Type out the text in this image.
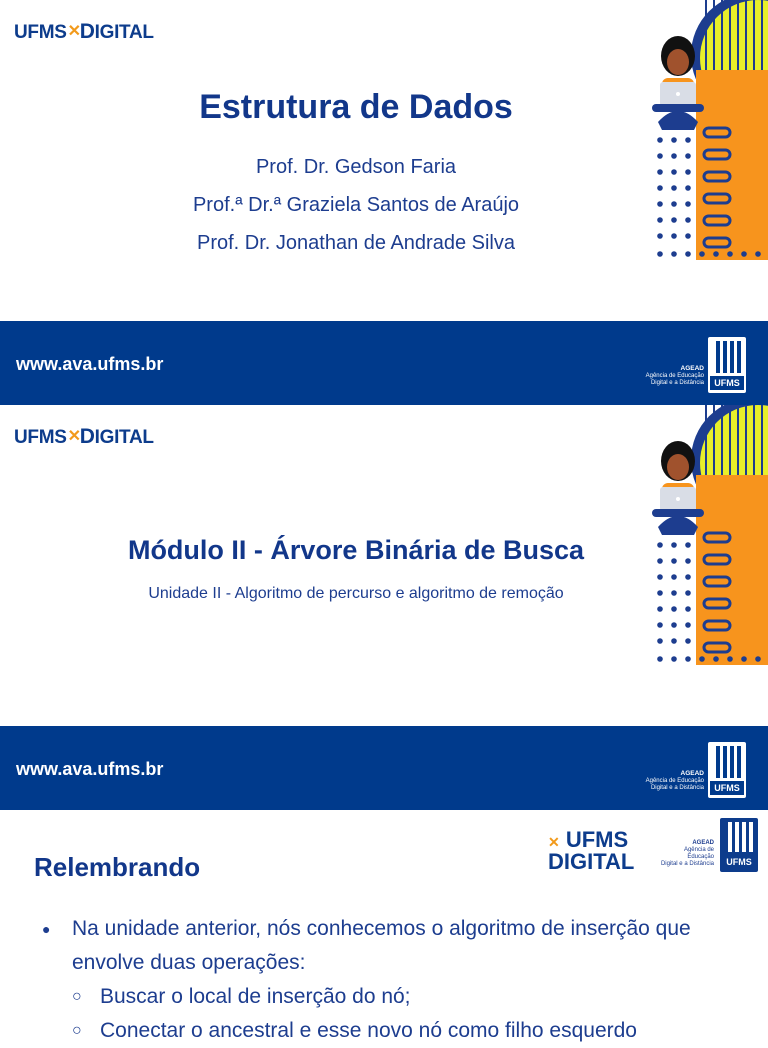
UFMS✕DIGITAL
Estrutura de Dados

Prof. Dr. Gedson Faria

Prof.ª Dr.ª Graziela Santos de Araújo

Prof. Dr. Jonathan de Andrade Silva

www.ava.ufms.br	AGEAD
Agência de Educação
Digital e a Distância	UFMS
UFMS✕DIGITAL
Módulo II - Árvore Binária de Busca

Unidade II - Algoritmo de percurso e algoritmo de remoção

www.ava.ufms.br	AGEAD
Agência de Educação
Digital e a Distância	UFMS
✕ UFMS
DIGITAL
AGEAD
Agência de Educação
Digital e a Distância	UFMS
Relembrando
● Na unidade anterior, nós conhecemos o algoritmo de inserção que envolve duas operações:
○ Buscar o local de inserção do nó;
○ Conectar o ancestral e esse novo nó como filho esquerdo
